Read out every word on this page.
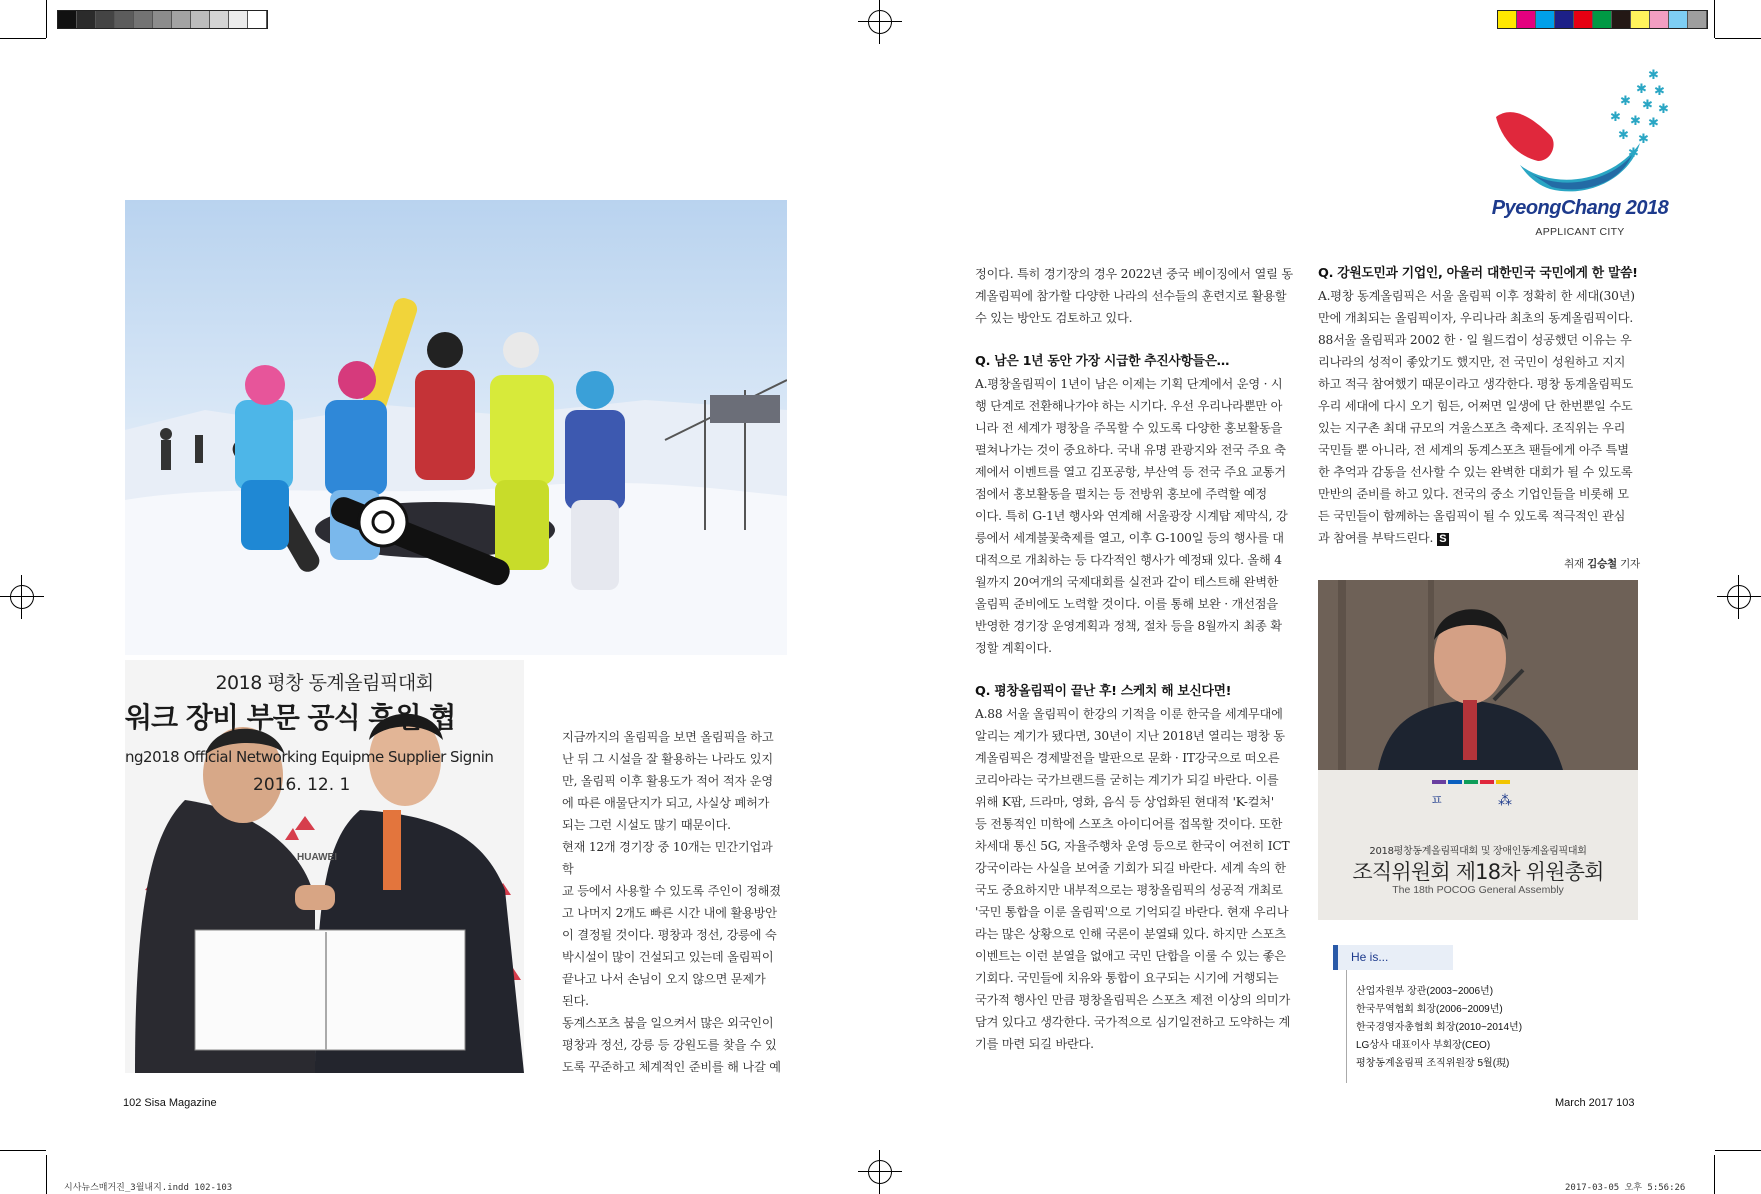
✱
✱ ✱
✱ ✱ ✱
✱ ✱ ✱
✱ ✱
✱
PyeongChang 2018
APPLICANT CITY
2018 평창 동계올림픽대회
워크 장비 부문 공식 후원 협
ng2018 Official Networking Equipme Supplier Signin
2016. 12. 1
HUAWEI

지금까지의 올림픽을 보면 올림픽을 하고

난 뒤 그 시설을 잘 활용하는 나라도 있지

만, 올림픽 이후 활용도가 적어 적자 운영

에 따른 애물단지가 되고, 사실상 폐허가

되는 그런 시설도 많기 때문이다.

현재 12개 경기장 중 10개는 민간기업과 학

교 등에서 사용할 수 있도록 주인이 정해졌

고 나머지 2개도 빠른 시간 내에 활용방안

이 결정될 것이다. 평창과 정선, 강릉에 숙

박시설이 많이 건설되고 있는데 올림픽이

끝나고 나서 손님이 오지 않으면 문제가

된다.

동계스포츠 붐을 일으켜서 많은 외국인이

평창과 정선, 강릉 등 강원도를 찾을 수 있

도록 꾸준하고 체계적인 준비를 해 나갈 예

정이다. 특히 경기장의 경우 2022년 중국 베이징에서 열릴 동

계올림픽에 참가할 다양한 나라의 선수들의 훈련지로 활용할

수 있는 방안도 검토하고 있다.

Q. 남은 1년 동안 가장 시급한 추진사항들은…

A.평창올림픽이 1년이 남은 이제는 기획 단계에서 운영 · 시

행 단계로 전환해나가야 하는 시기다. 우선 우리나라뿐만 아

니라 전 세계가 평창을 주목할 수 있도록 다양한 홍보활동을

펼쳐나가는 것이 중요하다. 국내 유명 관광지와 전국 주요 축

제에서 이벤트를 열고 김포공항, 부산역 등 전국 주요 교통거

점에서 홍보활동을 펼치는 등 전방위 홍보에 주력할 예정

이다. 특히 G-1년 행사와 연계해 서울광장 시계탑 제막식, 강

릉에서 세계불꽃축제를 열고, 이후 G-100일 등의 행사를 대

대적으로 개최하는 등 다각적인 행사가 예정돼 있다. 올해 4

월까지 20여개의 국제대회를 실전과 같이 테스트해 완벽한

올림픽 준비에도 노력할 것이다. 이를 통해 보완 · 개선점을

반영한 경기장 운영계획과 정책, 절차 등을 8월까지 최종 확

정할 계획이다.

Q. 평창올림픽이 끝난 후! 스케치 해 보신다면!

A.88 서울 올림픽이 한강의 기적을 이룬 한국을 세계무대에

알리는 계기가 됐다면, 30년이 지난 2018년 열리는 평창 동

계올림픽은 경제발전을 발판으로 문화 · IT강국으로 떠오른

코리아라는 국가브랜드를 굳히는 계기가 되길 바란다. 이를

위해 K팝, 드라마, 영화, 음식 등 상업화된 현대적 'K-컬처'

등 전통적인 미학에 스포츠 아이디어를 접목할 것이다. 또한

차세대 통신 5G, 자율주행차 운영 등으로 한국이 여전히 ICT

강국이라는 사실을 보여줄 기회가 되길 바란다. 세계 속의 한

국도 중요하지만 내부적으로는 평창올림픽의 성공적 개최로

'국민 통합을 이룬 올림픽'으로 기억되길 바란다. 현재 우리나

라는 많은 상황으로 인해 국론이 분열돼 있다. 하지만 스포츠

이벤트는 이런 분열을 없애고 국민 단합을 이룰 수 있는 좋은

기회다. 국민들에 치유와 통합이 요구되는 시기에 거행되는

국가적 행사인 만큼 평창올림픽은 스포츠 제전 이상의 의미가

담겨 있다고 생각한다. 국가적으로 심기일전하고 도약하는 계

기를 마련 되길 바란다.

Q. 강원도민과 기업인, 아울러 대한민국 국민에게 한 말씀!

A.평창 동계올림픽은 서울 올림픽 이후 정확히 한 세대(30년)

만에 개최되는 올림픽이자, 우리나라 최초의 동계올림픽이다.

88서울 올림픽과 2002 한 · 일 월드컵이 성공했던 이유는 우

리나라의 성적이 좋았기도 했지만, 전 국민이 성원하고 지지

하고 적극 참여했기 때문이라고 생각한다. 평창 동계올림픽도

우리 세대에 다시 오기 힘든, 어쩌면 일생에 단 한번뿐일 수도

있는 지구촌 최대 규모의 겨울스포츠 축제다. 조직위는 우리

국민들 뿐 아니라, 전 세계의 동계스포츠 팬들에게 아주 특별

한 추억과 감동을 선사할 수 있는 완벽한 대회가 될 수 있도록

만반의 준비를 하고 있다. 전국의 중소 기업인들을 비롯해 모

든 국민들이 함께하는 올림픽이 될 수 있도록 적극적인 관심

과 참여를 부탁드린다. S

취재 김승철 기자

ㅍ	⁂
2018평창동계올림픽대회 및 장애인동계올림픽대회
조직위원회 제18차 위원총회
The 18th POCOG General Assembly
He is...
산업자원부 장관(2003~2006년)
한국무역협회 회장(2006~2009년)
한국경영자총협회 회장(2010~2014년)
LG상사 대표이사 부회장(CEO)
평창동계올림픽 조직위원장 5월(現)
102 Sisa Magazine	March 2017 103
시사뉴스매거진_3월내지.indd 102-103	2017-03-05 오후 5:56:26
